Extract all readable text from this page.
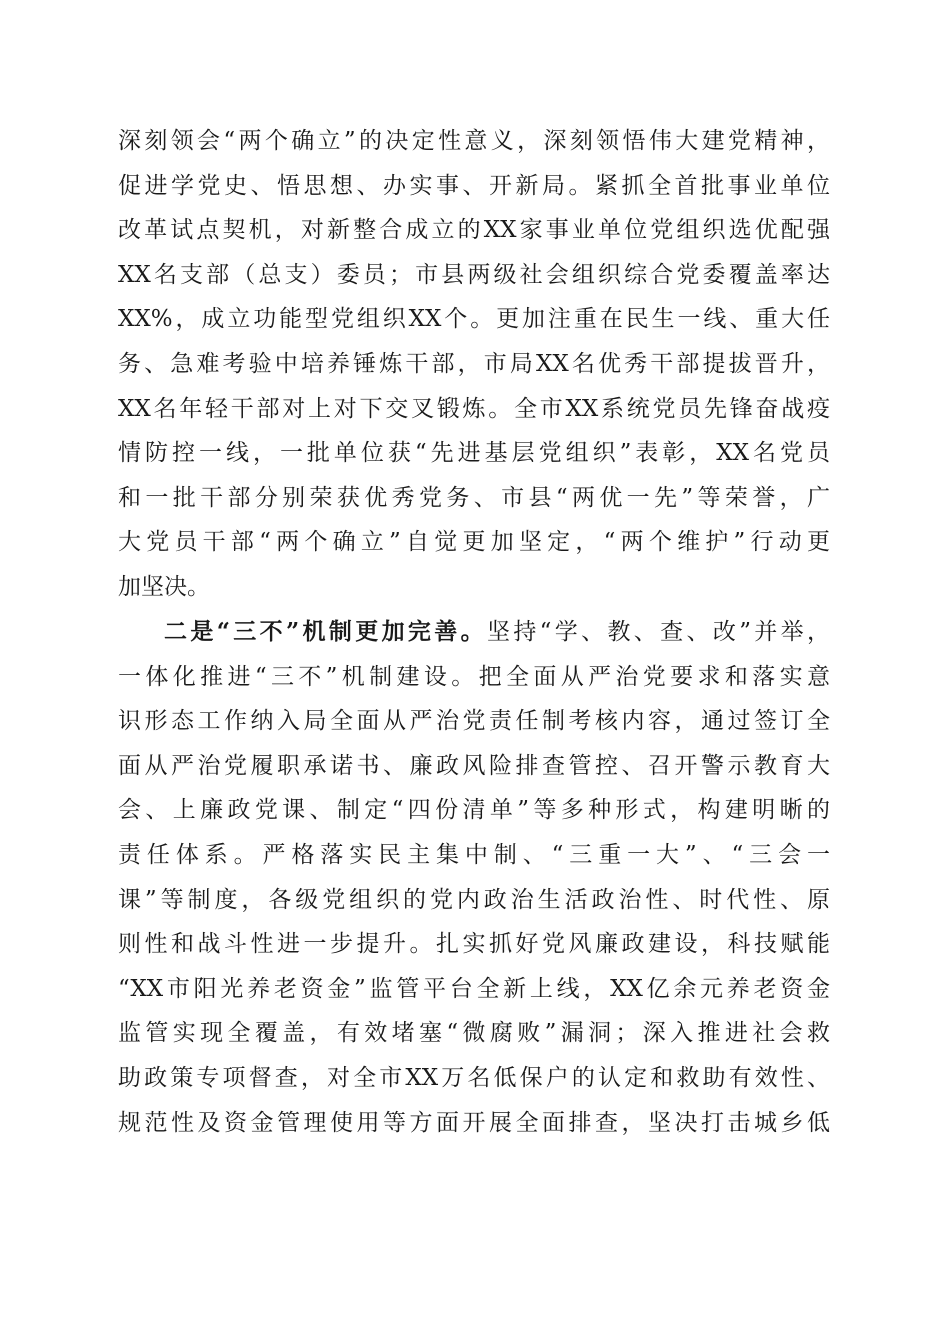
深刻领会“两个确立”的决定性意义，深刻领悟伟大建党精神，
促进学党史、悟思想、办实事、开新局。紧抓全首批事业单位
改革试点契机，对新整合成立的XX家事业单位党组织选优配强
XX名支部（总支）委员；市县两级社会组织综合党委覆盖率达
XX%，成立功能型党组织XX个。更加注重在民生一线、重大任
务、急难考验中培养锤炼干部，市局XX名优秀干部提拔晋升，
XX名年轻干部对上对下交叉锻炼。全市XX系统党员先锋奋战疫
情防控一线，一批单位获“先进基层党组织”表彰，XX名党员
和一批干部分别荣获优秀党务、市县“两优一先”等荣誉，广
大党员干部“两个确立”自觉更加坚定，“两个维护”行动更
加坚决。
二是“三不”机制更加完善。坚持“学、教、查、改”并举，
一体化推进“三不”机制建设。把全面从严治党要求和落实意
识形态工作纳入局全面从严治党责任制考核内容，通过签订全
面从严治党履职承诺书、廉政风险排查管控、召开警示教育大
会、上廉政党课、制定“四份清单”等多种形式，构建明晰的
责任体系。严格落实民主集中制、“三重一大”、“三会一
课”等制度，各级党组织的党内政治生活政治性、时代性、原
则性和战斗性进一步提升。扎实抓好党风廉政建设，科技赋能
“XX市阳光养老资金”监管平台全新上线，XX亿余元养老资金
监管实现全覆盖，有效堵塞“微腐败”漏洞；深入推进社会救
助政策专项督查，对全市XX万名低保户的认定和救助有效性、
规范性及资金管理使用等方面开展全面排查，坚决打击城乡低
